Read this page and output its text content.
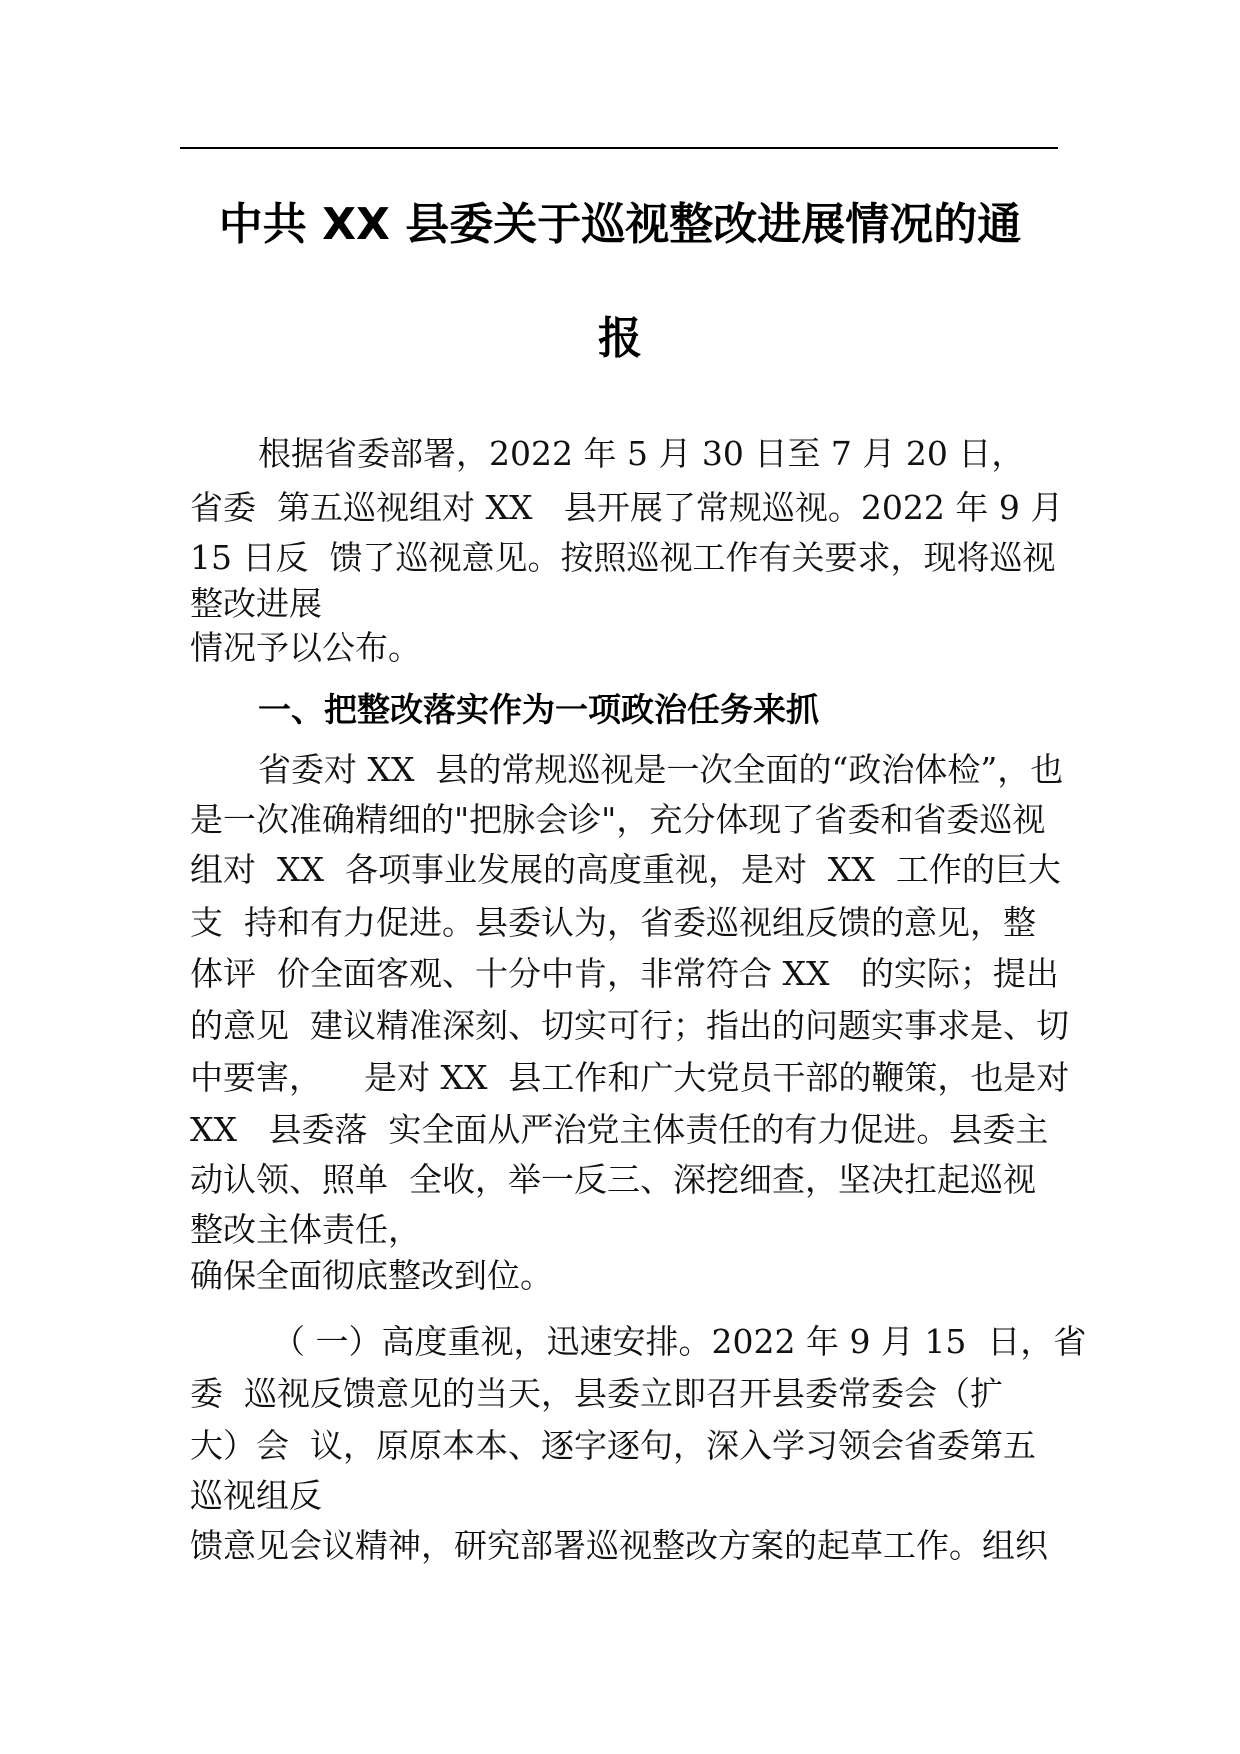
中共 XX 县委关于巡视整改进展情况的通
报

根据省委部署，2022 年 5 月 30 日至 7 月 20 日，

省委  第五巡视组对 XX   县开展了常规巡视。2022 年 9 月

15 日反  馈了巡视意见。按照巡视工作有关要求，现将巡视

整改进展

情况予以公布。

一、把整改落实作为一项政治任务来抓

省委对 XX  县的常规巡视是一次全面的“政治体检”，也

是一次准确精细的"把脉会诊"，充分体现了省委和省委巡视

组对  XX  各项事业发展的高度重视，是对  XX  工作的巨大

支  持和有力促进。县委认为，省委巡视组反馈的意见，整

体评  价全面客观、十分中肯，非常符合 XX   的实际；提出

的意见  建议精准深刻、切实可行；指出的问题实事求是、切

中要害，    是对 XX  县工作和广大党员干部的鞭策，也是对

XX   县委落  实全面从严治党主体责任的有力促进。县委主

动认领、照单  全收，举一反三、深挖细查，坚决扛起巡视

整改主体责任，

确保全面彻底整改到位。

（ 一）高度重视，迅速安排。2022 年 9 月 15  日，省

委  巡视反馈意见的当天，县委立即召开县委常委会（扩

大）会  议，原原本本、逐字逐句，深入学习领会省委第五

巡视组反

馈意见会议精神，研究部署巡视整改方案的起草工作。组织
